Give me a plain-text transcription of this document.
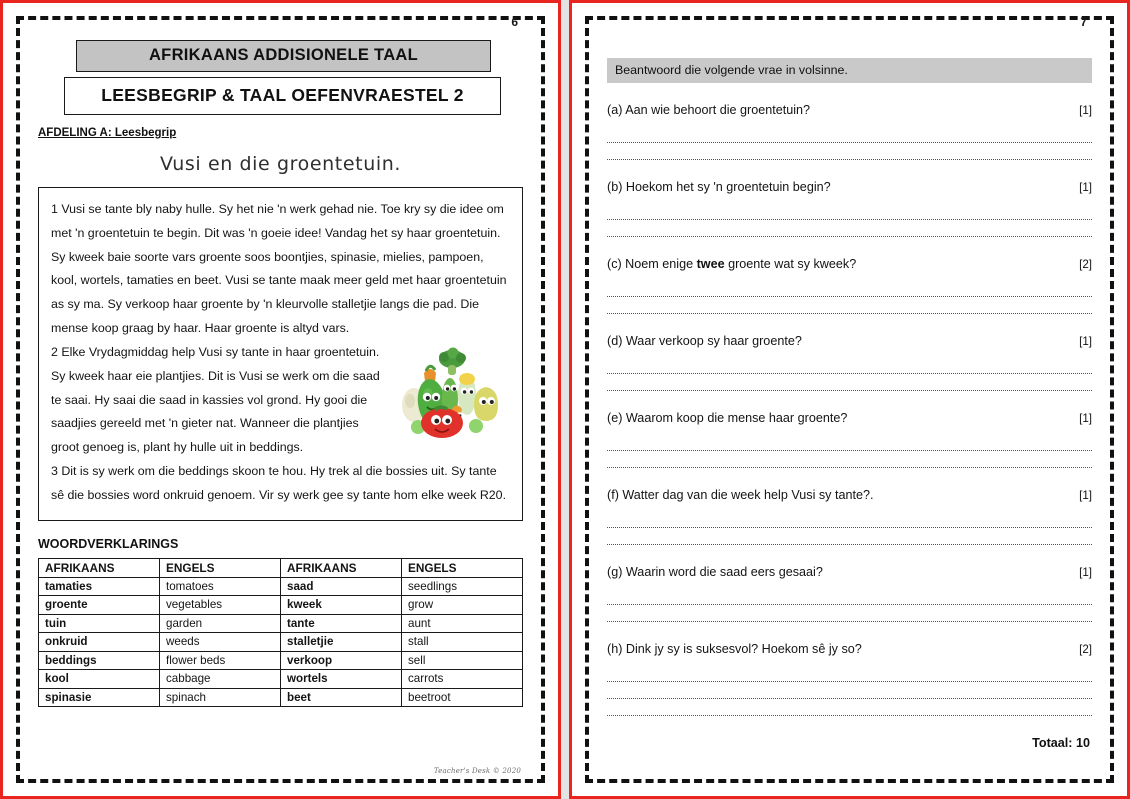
6
AFRIKAANS ADDISIONELE TAAL
LEESBEGRIP & TAAL OEFENVRAESTEL 2
AFDELING A: Leesbegrip
Vusi en die groentetuin.

1 Vusi se tante bly naby hulle. Sy het nie 'n werk gehad nie. Toe kry sy die idee om met 'n groentetuin te begin. Dit was 'n goeie idee! Vandag het sy haar groentetuin. Sy kweek baie soorte vars groente soos boontjies, spinasie, mielies, pampoen, kool, wortels, tamaties en beet. Vusi se tante maak meer geld met haar groentetuin as sy ma. Sy verkoop haar groente by 'n kleurvolle stalletjie langs die pad. Die mense koop graag by haar. Haar groente is altyd vars.

2 Elke Vrydagmiddag help Vusi sy tante in haar groentetuin. Sy kweek haar eie plantjies. Dit is Vusi se werk om die saad te saai. Hy saai die saad in kassies vol grond. Hy gooi die saadjies gereeld met 'n gieter nat. Wanneer die plantjies groot genoeg is, plant hy hulle uit in beddings.

3 Dit is sy werk om die beddings skoon te hou. Hy trek al die bossies uit. Sy tante sê die bossies word onkruid genoem. Vir sy werk gee sy tante hom elke week R20.

WOORDVERKLARINGS
AFRIKAANS	ENGELS	AFRIKAANS	ENGELS
tamaties	tomatoes	saad	seedlings
groente	vegetables	kweek	grow
tuin	garden	tante	aunt
onkruid	weeds	stalletjie	stall
beddings	flower beds	verkoop	sell
kool	cabbage	wortels	carrots
spinasie	spinach	beet	beetroot
Teacher's Desk © 2020
7
Beantwoord die volgende vrae in volsinne.
(a) Aan wie behoort die groentetuin?	[1]
(b) Hoekom het sy 'n groentetuin begin?	[1]
(c) Noem enige twee groente wat sy kweek?	[2]
(d) Waar verkoop sy haar groente?	[1]
(e) Waarom koop die mense haar groente?	[1]
(f) Watter dag van die week help Vusi sy tante?.	[1]
(g) Waarin word die saad eers gesaai?	[1]
(h) Dink jy sy is suksesvol? Hoekom sê jy so?	[2]
Totaal: 10
